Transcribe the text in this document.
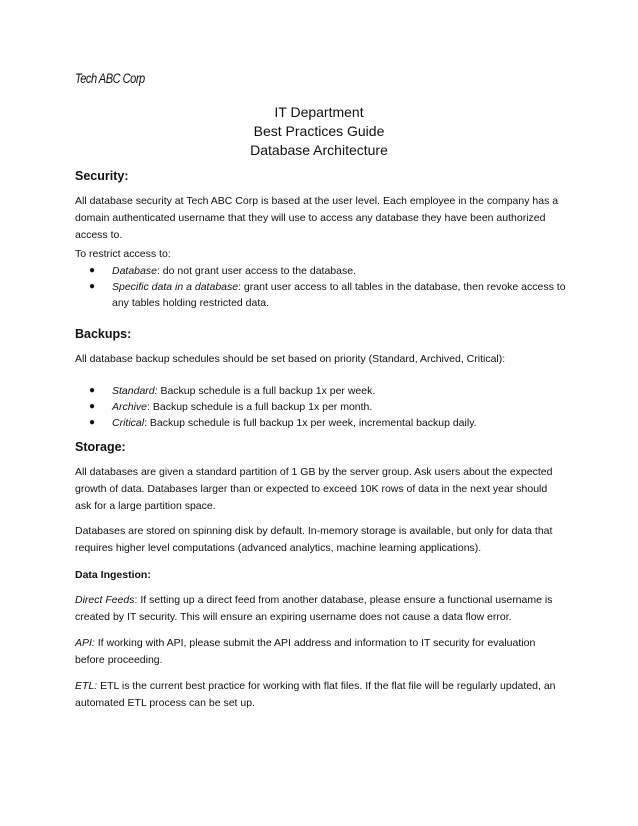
Tech ABC Corp
IT Department
Best Practices Guide
Database Architecture
Security:
All database security at Tech ABC Corp is based at the user level. Each employee in the company has a
domain authenticated username that they will use to access any database they have been authorized
access to.
To restrict access to:
● Database: do not grant user access to the database.
● Specific data in a database: grant user access to all tables in the database, then revoke access to
any tables holding restricted data.
Backups:
All database backup schedules should be set based on priority (Standard, Archived, Critical):
● Standard: Backup schedule is a full backup 1x per week.
● Archive: Backup schedule is a full backup 1x per month.
● Critical: Backup schedule is full backup 1x per week, incremental backup daily.
Storage:
All databases are given a standard partition of 1 GB by the server group. Ask users about the expected
growth of data. Databases larger than or expected to exceed 10K rows of data in the next year should
ask for a large partition space.
Databases are stored on spinning disk by default. In-memory storage is available, but only for data that
requires higher level computations (advanced analytics, machine learning applications).
Data Ingestion:
Direct Feeds: If setting up a direct feed from another database, please ensure a functional username is
created by IT security. This will ensure an expiring username does not cause a data flow error.
API: If working with API, please submit the API address and information to IT security for evaluation
before proceeding.
ETL: ETL is the current best practice for working with flat files. If the flat file will be regularly updated, an
automated ETL process can be set up.
